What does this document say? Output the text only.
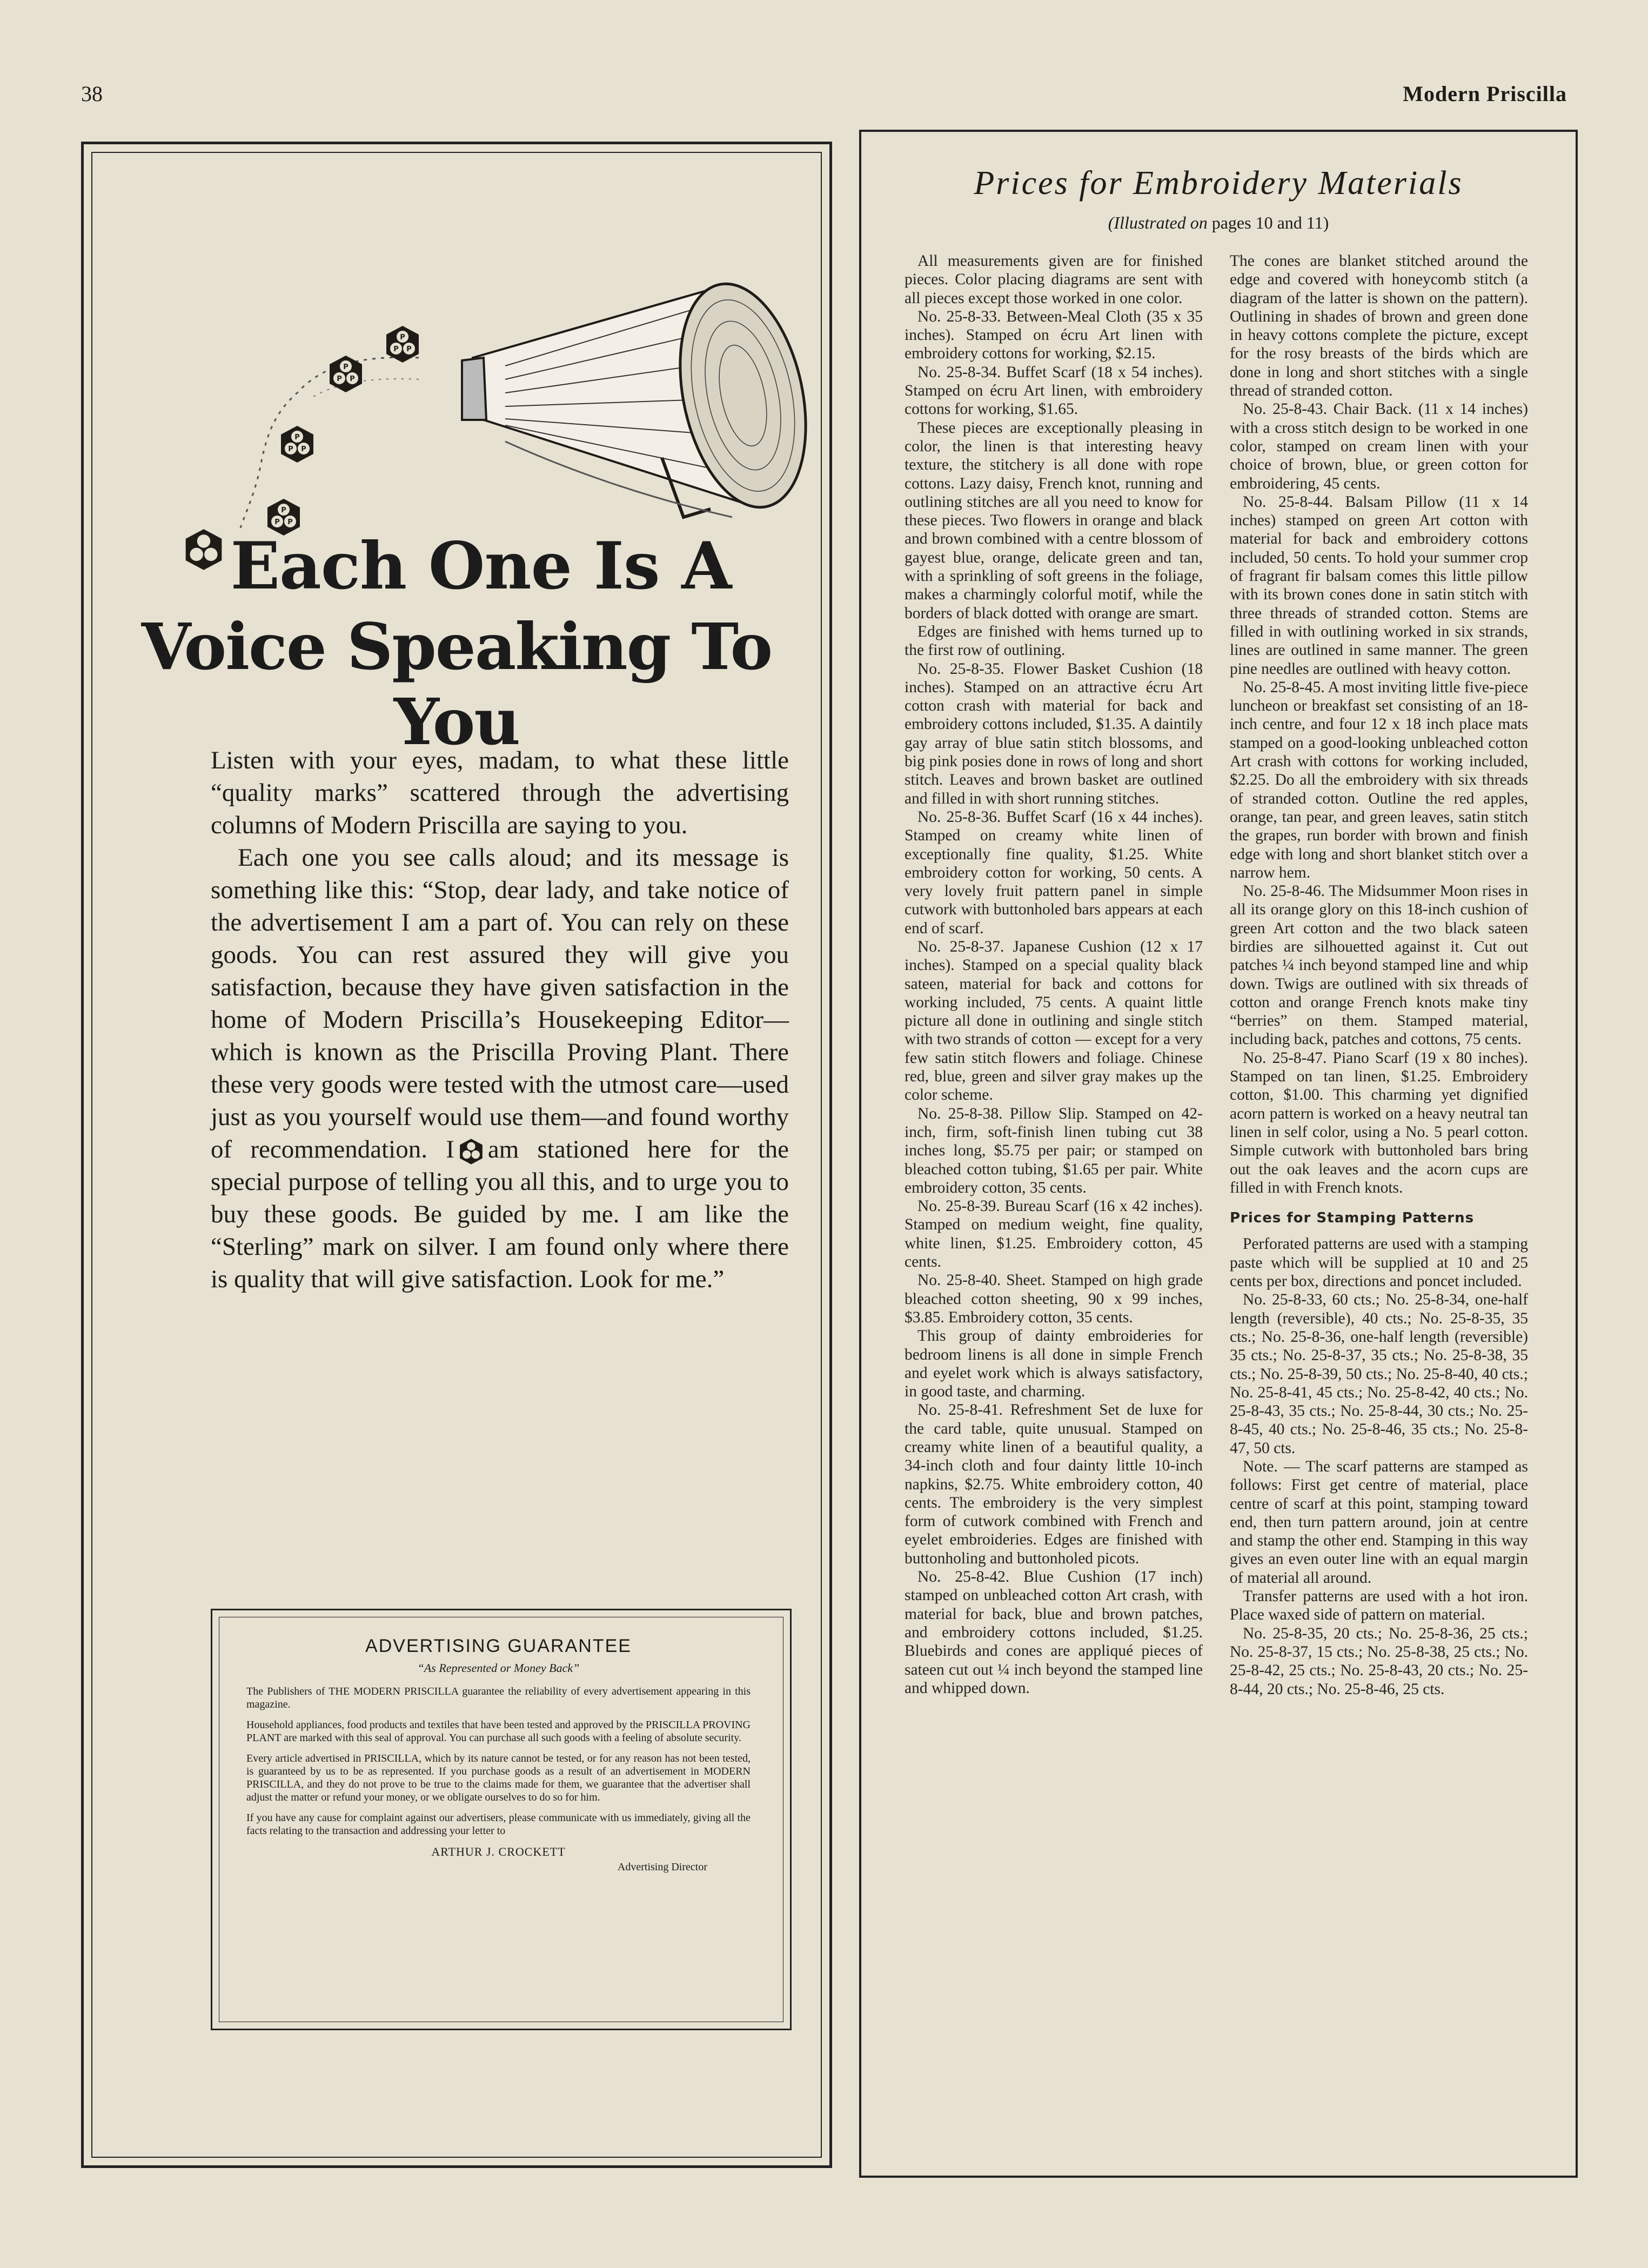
38	Modern Priscilla
P
P	P
Each One Is A
Voice Speaking To You

Listen with your eyes, madam, to what these little “quality marks” scattered through the advertising columns of Modern Priscilla are saying to you.

Each one you see calls aloud; and its message is something like this: “Stop, dear lady, and take notice of the advertisement I am a part of. You can rely on these goods. You can rest assured they will give you satisfaction, because they have given satisfaction in the home of Modern Priscilla’s Housekeeping Editor—which is known as the Priscilla Proving Plant. There these very goods were tested with the utmost care—used just as you yourself would use them—and found worthy of recommendation. I am stationed here for the special purpose of telling you all this, and to urge you to buy these goods. Be guided by me. I am like the “Sterling” mark on silver. I am found only where there is quality that will give satisfaction. Look for me.”

ADVERTISING GUARANTEE
“As Represented or Money Back”

The Publishers of THE MODERN PRISCILLA guarantee the reliability of every advertisement appearing in this magazine.

Household appliances, food products and textiles that have been tested and approved by the PRISCILLA PROVING PLANT are marked with this seal of approval. You can purchase all such goods with a feeling of absolute security.

Every article advertised in PRISCILLA, which by its nature cannot be tested, or for any reason has not been tested, is guaranteed by us to be as represented. If you purchase goods as a result of an advertisement in MODERN PRISCILLA, and they do not prove to be true to the claims made for them, we guarantee that the advertiser shall adjust the matter or refund your money, or we obligate ourselves to do so for him.

If you have any cause for complaint against our advertisers, please communicate with us immediately, giving all the facts relating to the transaction and addressing your letter to

ARTHUR J. CROCKETT
Advertising Director
Prices for Embroidery Materials
(Illustrated on pages 10 and 11)

All measurements given are for finished pieces. Color placing diagrams are sent with all pieces except those worked in one color.

No. 25-8-33. Between-Meal Cloth (35 x 35 inches). Stamped on écru Art linen with embroidery cottons for working, $2.15.

No. 25-8-34. Buffet Scarf (18 x 54 inches). Stamped on écru Art linen, with embroidery cottons for working, $1.65.

These pieces are exceptionally pleasing in color, the linen is that interesting heavy texture, the stitchery is all done with rope cottons. Lazy daisy, French knot, running and outlining stitches are all you need to know for these pieces. Two flowers in orange and black and brown combined with a centre blossom of gayest blue, orange, delicate green and tan, with a sprinkling of soft greens in the foliage, makes a charmingly colorful motif, while the borders of black dotted with orange are smart.

Edges are finished with hems turned up to the first row of outlining.

No. 25-8-35. Flower Basket Cushion (18 inches). Stamped on an attractive écru Art cotton crash with material for back and embroidery cottons included, $1.35. A daintily gay array of blue satin stitch blossoms, and big pink posies done in rows of long and short stitch. Leaves and brown basket are outlined and filled in with short running stitches.

No. 25-8-36. Buffet Scarf (16 x 44 inches). Stamped on creamy white linen of exceptionally fine quality, $1.25. White embroidery cotton for working, 50 cents. A very lovely fruit pattern panel in simple cutwork with buttonholed bars appears at each end of scarf.

No. 25-8-37. Japanese Cushion (12 x 17 inches). Stamped on a special quality black sateen, material for back and cottons for working included, 75 cents. A quaint little picture all done in outlining and single stitch with two strands of cotton — except for a very few satin stitch flowers and foliage. Chinese red, blue, green and silver gray makes up the color scheme.

No. 25-8-38. Pillow Slip. Stamped on 42-inch, firm, soft-finish linen tubing cut 38 inches long, $5.75 per pair; or stamped on bleached cotton tubing, $1.65 per pair. White embroidery cotton, 35 cents.

No. 25-8-39. Bureau Scarf (16 x 42 inches). Stamped on medium weight, fine quality, white linen, $1.25. Embroidery cotton, 45 cents.

No. 25-8-40. Sheet. Stamped on high grade bleached cotton sheeting, 90 x 99 inches, $3.85. Embroidery cotton, 35 cents.

This group of dainty embroideries for bedroom linens is all done in simple French and eyelet work which is always satisfactory, in good taste, and charming.

No. 25-8-41. Refreshment Set de luxe for the card table, quite unusual. Stamped on creamy white linen of a beautiful quality, a 34-inch cloth and four dainty little 10-inch napkins, $2.75. White embroidery cotton, 40 cents. The embroidery is the very simplest form of cutwork combined with French and eyelet embroideries. Edges are finished with buttonholing and buttonholed picots.

No. 25-8-42. Blue Cushion (17 inch) stamped on unbleached cotton Art crash, with material for back, blue and brown patches, and embroidery cottons included, $1.25. Bluebirds and cones are appliqué pieces of sateen cut out ¼ inch beyond the stamped line and whipped down.

The cones are blanket stitched around the edge and covered with honeycomb stitch (a diagram of the latter is shown on the pattern). Outlining in shades of brown and green done in heavy cottons complete the picture, except for the rosy breasts of the birds which are done in long and short stitches with a single thread of stranded cotton.

No. 25-8-43. Chair Back. (11 x 14 inches) with a cross stitch design to be worked in one color, stamped on cream linen with your choice of brown, blue, or green cotton for embroidering, 45 cents.

No. 25-8-44. Balsam Pillow (11 x 14 inches) stamped on green Art cotton with material for back and embroidery cottons included, 50 cents. To hold your summer crop of fragrant fir balsam comes this little pillow with its brown cones done in satin stitch with three threads of stranded cotton. Stems are filled in with outlining worked in six strands, lines are outlined in same manner. The green pine needles are outlined with heavy cotton.

No. 25-8-45. A most inviting little five-piece luncheon or breakfast set consisting of an 18-inch centre, and four 12 x 18 inch place mats stamped on a good-looking unbleached cotton Art crash with cottons for working included, $2.25. Do all the embroidery with six threads of stranded cotton. Outline the red apples, orange, tan pear, and green leaves, satin stitch the grapes, run border with brown and finish edge with long and short blanket stitch over a narrow hem.

No. 25-8-46. The Midsummer Moon rises in all its orange glory on this 18-inch cushion of green Art cotton and the two black sateen birdies are silhouetted against it. Cut out patches ¼ inch beyond stamped line and whip down. Twigs are outlined with six threads of cotton and orange French knots make tiny “berries” on them. Stamped material, including back, patches and cottons, 75 cents.

No. 25-8-47. Piano Scarf (19 x 80 inches). Stamped on tan linen, $1.25. Embroidery cotton, $1.00. This charming yet dignified acorn pattern is worked on a heavy neutral tan linen in self color, using a No. 5 pearl cotton. Simple cutwork with buttonholed bars bring out the oak leaves and the acorn cups are filled in with French knots.

Prices for Stamping Patterns

Perforated patterns are used with a stamping paste which will be supplied at 10 and 25 cents per box, directions and poncet included.

No. 25-8-33, 60 cts.; No. 25-8-34, one-half length (reversible), 40 cts.; No. 25-8-35, 35 cts.; No. 25-8-36, one-half length (reversible) 35 cts.; No. 25-8-37, 35 cts.; No. 25-8-38, 35 cts.; No. 25-8-39, 50 cts.; No. 25-8-40, 40 cts.; No. 25-8-41, 45 cts.; No. 25-8-42, 40 cts.; No. 25-8-43, 35 cts.; No. 25-8-44, 30 cts.; No. 25-8-45, 40 cts.; No. 25-8-46, 35 cts.; No. 25-8-47, 50 cts.

Note. — The scarf patterns are stamped as follows: First get centre of material, place centre of scarf at this point, stamping toward end, then turn pattern around, join at centre and stamp the other end. Stamping in this way gives an even outer line with an equal margin of material all around.

Transfer patterns are used with a hot iron. Place waxed side of pattern on material.

No. 25-8-35, 20 cts.; No. 25-8-36, 25 cts.; No. 25-8-37, 15 cts.; No. 25-8-38, 25 cts.; No. 25-8-42, 25 cts.; No. 25-8-43, 20 cts.; No. 25-8-44, 20 cts.; No. 25-8-46, 25 cts.
